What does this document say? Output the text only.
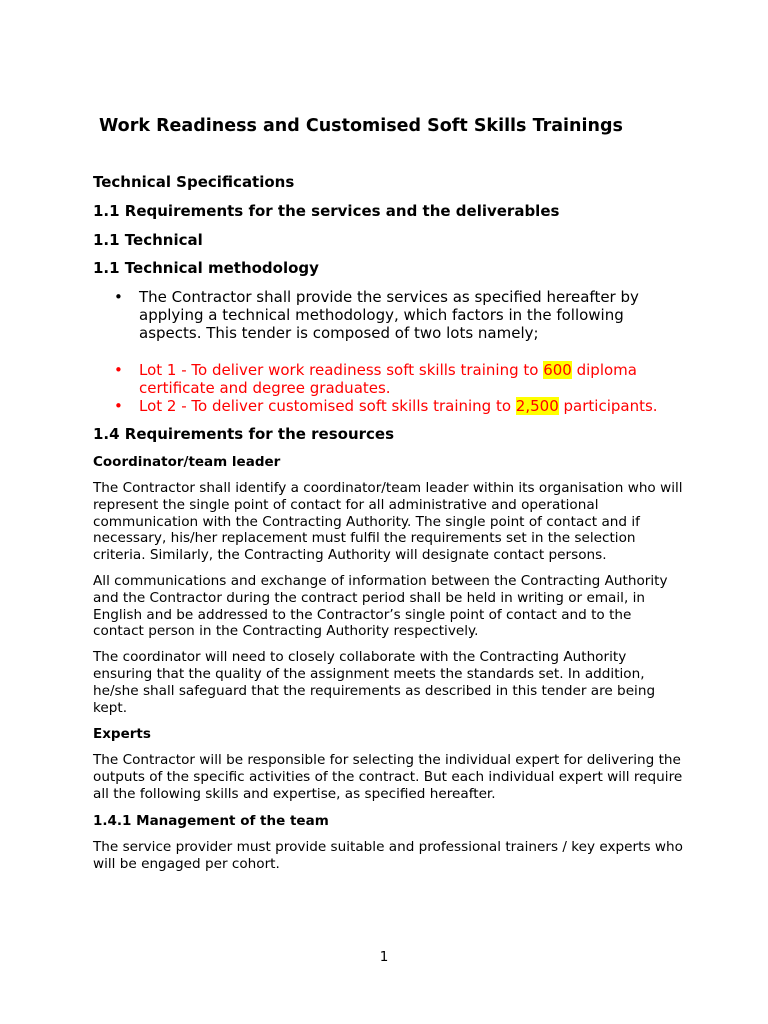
Work Readiness and Customised Soft Skills Trainings

Technical Specifications

1.1 Requirements for the services and the deliverables

1.1 Technical

1.1 Technical methodology

• The Contractor shall provide the services as specified hereafter by applying a technical methodology, which factors in the following aspects. This tender is composed of two lots namely;
• Lot 1 - To deliver work readiness soft skills training to 600 diploma certificate and degree graduates.
• Lot 2 - To deliver customised soft skills training to 2,500 participants.

1.4 Requirements for the resources

Coordinator/team leader

The Contractor shall identify a coordinator/team leader within its organisation who will represent the single point of contact for all administrative and operational communication with the Contracting Authority. The single point of contact and if necessary, his/her replacement must fulfil the requirements set in the selection criteria. Similarly, the Contracting Authority will designate contact persons.

All communications and exchange of information between the Contracting Authority and the Contractor during the contract period shall be held in writing or email, in English and be addressed to the Contractor’s single point of contact and to the contact person in the Contracting Authority respectively.

The coordinator will need to closely collaborate with the Contracting Authority ensuring that the quality of the assignment meets the standards set. In addition, he/she shall safeguard that the requirements as described in this tender are being kept.

Experts

The Contractor will be responsible for selecting the individual expert for delivering the outputs of the specific activities of the contract. But each individual expert will require all the following skills and expertise, as specified hereafter.

1.4.1 Management of the team

The service provider must provide suitable and professional trainers / key experts who will be engaged per cohort.

1
